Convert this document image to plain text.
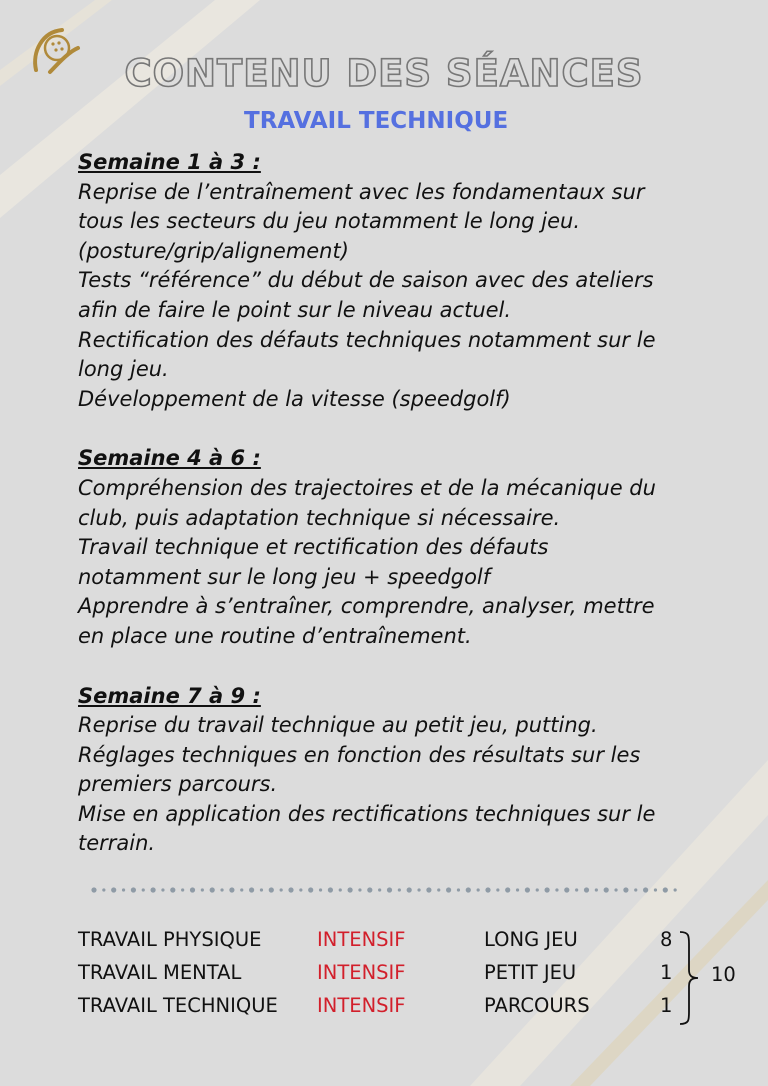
CONTENU DES SÉANCES
TRAVAIL TECHNIQUE
Semaine 1 à 3 :
Reprise de l’entraînement avec les fondamentaux sur
tous les secteurs du jeu notamment le long jeu.
(posture/grip/alignement)
Tests “référence” du début de saison avec des ateliers
afin de faire le point sur le niveau actuel.
Rectification des défauts techniques notamment sur le
long jeu.
Développement de la vitesse (speedgolf)
Semaine 4 à 6 :
Compréhension des trajectoires et de la mécanique du
club, puis adaptation technique si nécessaire.
Travail technique et rectification des défauts
notamment sur le long jeu + speedgolf
Apprendre à s’entraîner, comprendre, analyser, mettre
en place une routine d’entraînement.
Semaine 7 à 9 :
Reprise du travail technique au petit jeu, putting.
Réglages techniques en fonction des résultats sur les
premiers parcours.
Mise en application des rectifications techniques sur le
terrain.
TRAVAIL PHYSIQUE	INTENSIF	LONG JEU	8
TRAVAIL MENTAL	INTENSIF	PETIT JEU	1
TRAVAIL TECHNIQUE INTENSIF	PARCOURS	1
10
